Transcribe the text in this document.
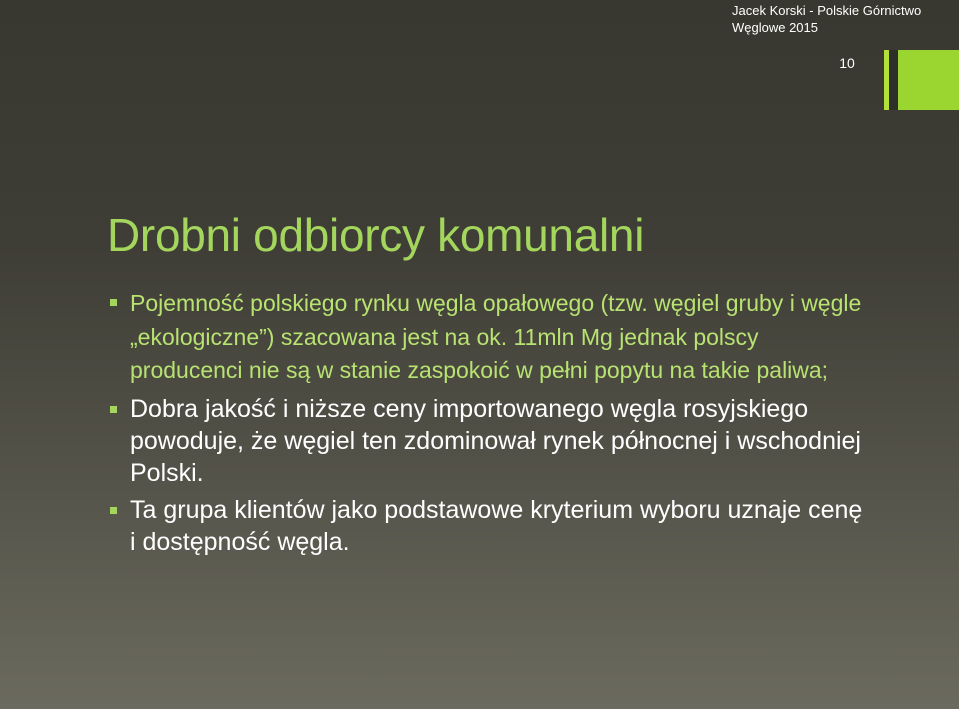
Jacek Korski - Polskie Górnictwo
Węglowe 2015
10
Drobni odbiorcy komunalni
Pojemność polskiego rynku węgla opałowego (tzw. węgiel gruby i węgle „ekologiczne”) szacowana jest na ok. 11mln Mg jednak polscy producenci nie są w stanie zaspokoić w pełni popytu na takie paliwa;
Dobra jakość i niższe ceny importowanego węgla rosyjskiego powoduje, że węgiel ten zdominował rynek północnej i wschodniej Polski.
Ta grupa klientów jako podstawowe kryterium wyboru uznaje cenę i dostępność węgla.
